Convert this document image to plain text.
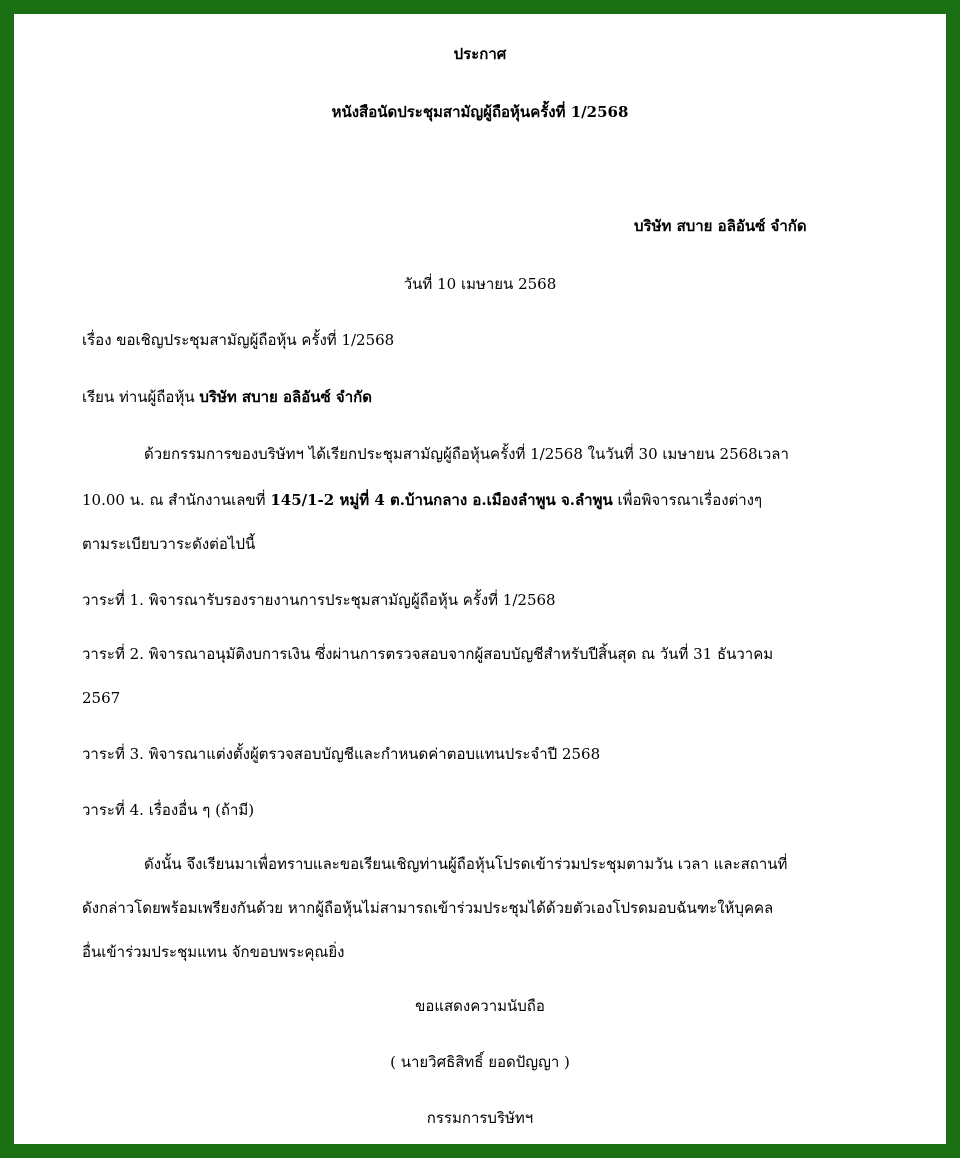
ประกาศ
หนังสือนัดประชุมสามัญผู้ถือหุ้นครั้งที่ 1/2568
บริษัท สบาย อลิอันซ์ จำกัด
วันที่ 10 เมษายน 2568
เรื่อง ขอเชิญประชุมสามัญผู้ถือหุ้น ครั้งที่ 1/2568
เรียน ท่านผู้ถือหุ้น บริษัท สบาย อลิอันซ์ จำกัด
ด้วยกรรมการของบริษัทฯ ได้เรียกประชุมสามัญผู้ถือหุ้นครั้งที่ 1/2568 ในวันที่ 30 เมษายน 2568เวลา
10.00 น. ณ สำนักงานเลขที่ 145/1-2 หมู่ที่ 4 ต.บ้านกลาง อ.เมืองลำพูน จ.ลำพูน เพื่อพิจารณาเรื่องต่างๆ
ตามระเบียบวาระดังต่อไปนี้
วาระที่ 1. พิจารณารับรองรายงานการประชุมสามัญผู้ถือหุ้น ครั้งที่ 1/2568
วาระที่ 2. พิจารณาอนุมัติงบการเงิน ซึ่งผ่านการตรวจสอบจากผู้สอบบัญชีสำหรับปีสิ้นสุด ณ วันที่ 31 ธันวาคม
2567
วาระที่ 3. พิจารณาแต่งตั้งผู้ตรวจสอบบัญชีและกำหนดค่าตอบแทนประจำปี 2568
วาระที่ 4. เรื่องอื่น ๆ (ถ้ามี)
ดังนั้น จึงเรียนมาเพื่อทราบและขอเรียนเชิญท่านผู้ถือหุ้นโปรดเข้าร่วมประชุมตามวัน เวลา และสถานที่
ดังกล่าวโดยพร้อมเพรียงกันด้วย หากผู้ถือหุ้นไม่สามารถเข้าร่วมประชุมได้ด้วยตัวเองโปรดมอบฉันฑะให้บุคคล
อื่นเข้าร่วมประชุมแทน จักขอบพระคุณยิ่ง
ขอแสดงความนับถือ
( นายวิศธิสิทธิ์ ยอดปัญญา )
กรรมการบริษัทฯ
